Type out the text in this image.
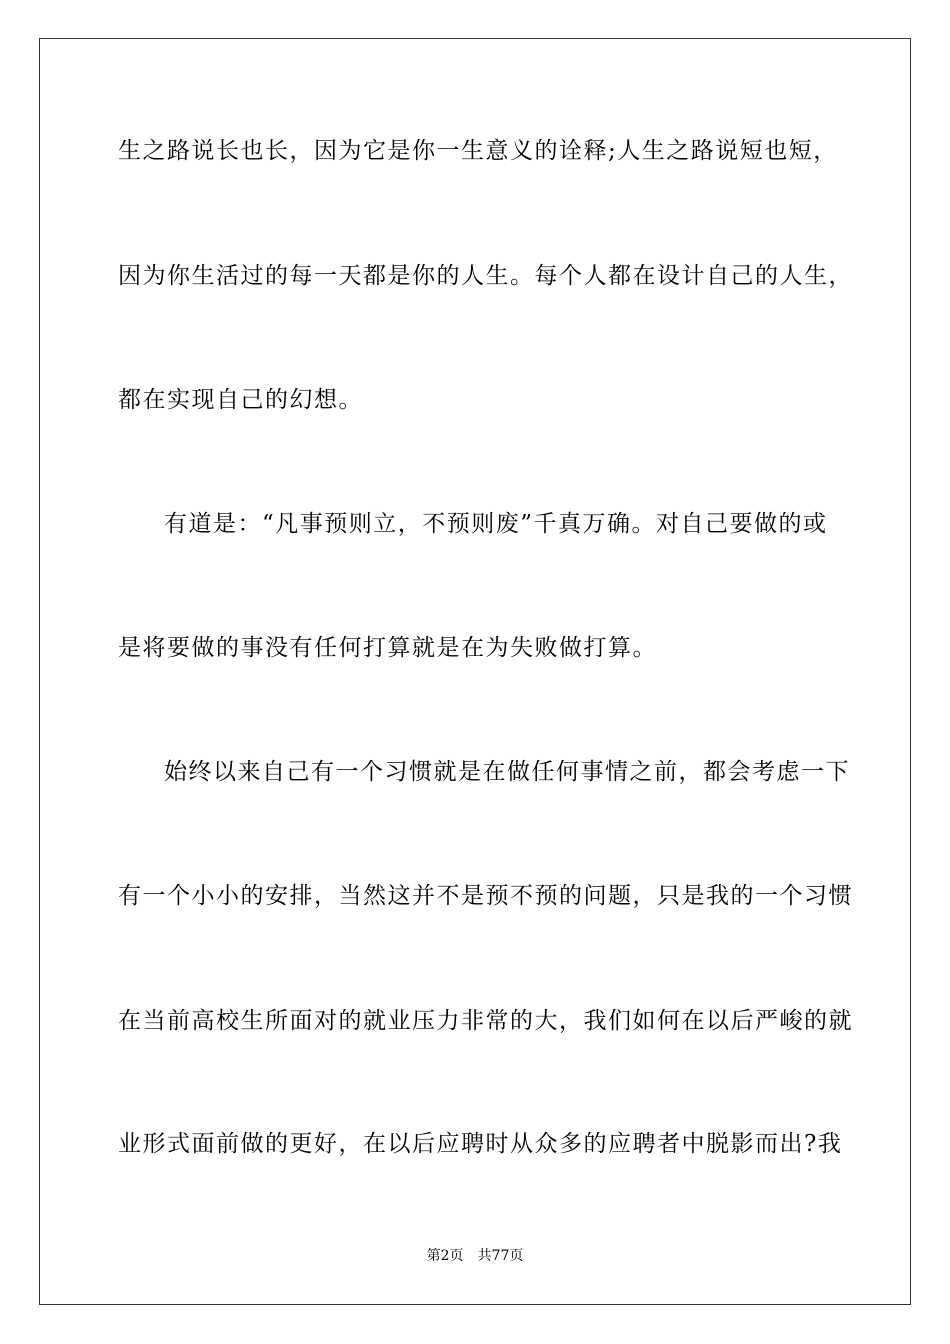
生之路说长也长，因为它是你一生意义的诠释;人生之路说短也短，
因为你生活过的每一天都是你的人生。每个人都在设计自己的人生，
都在实现自己的幻想。
有道是：“凡事预则立，不预则废”千真万确。对自己要做的或
是将要做的事没有任何打算就是在为失败做打算。
始终以来自己有一个习惯就是在做任何事情之前，都会考虑一下
有一个小小的安排，当然这并不是预不预的问题，只是我的一个习惯
在当前高校生所面对的就业压力非常的大，我们如何在以后严峻的就
业形式面前做的更好，在以后应聘时从众多的应聘者中脱影而出?我
第2页 共77页
